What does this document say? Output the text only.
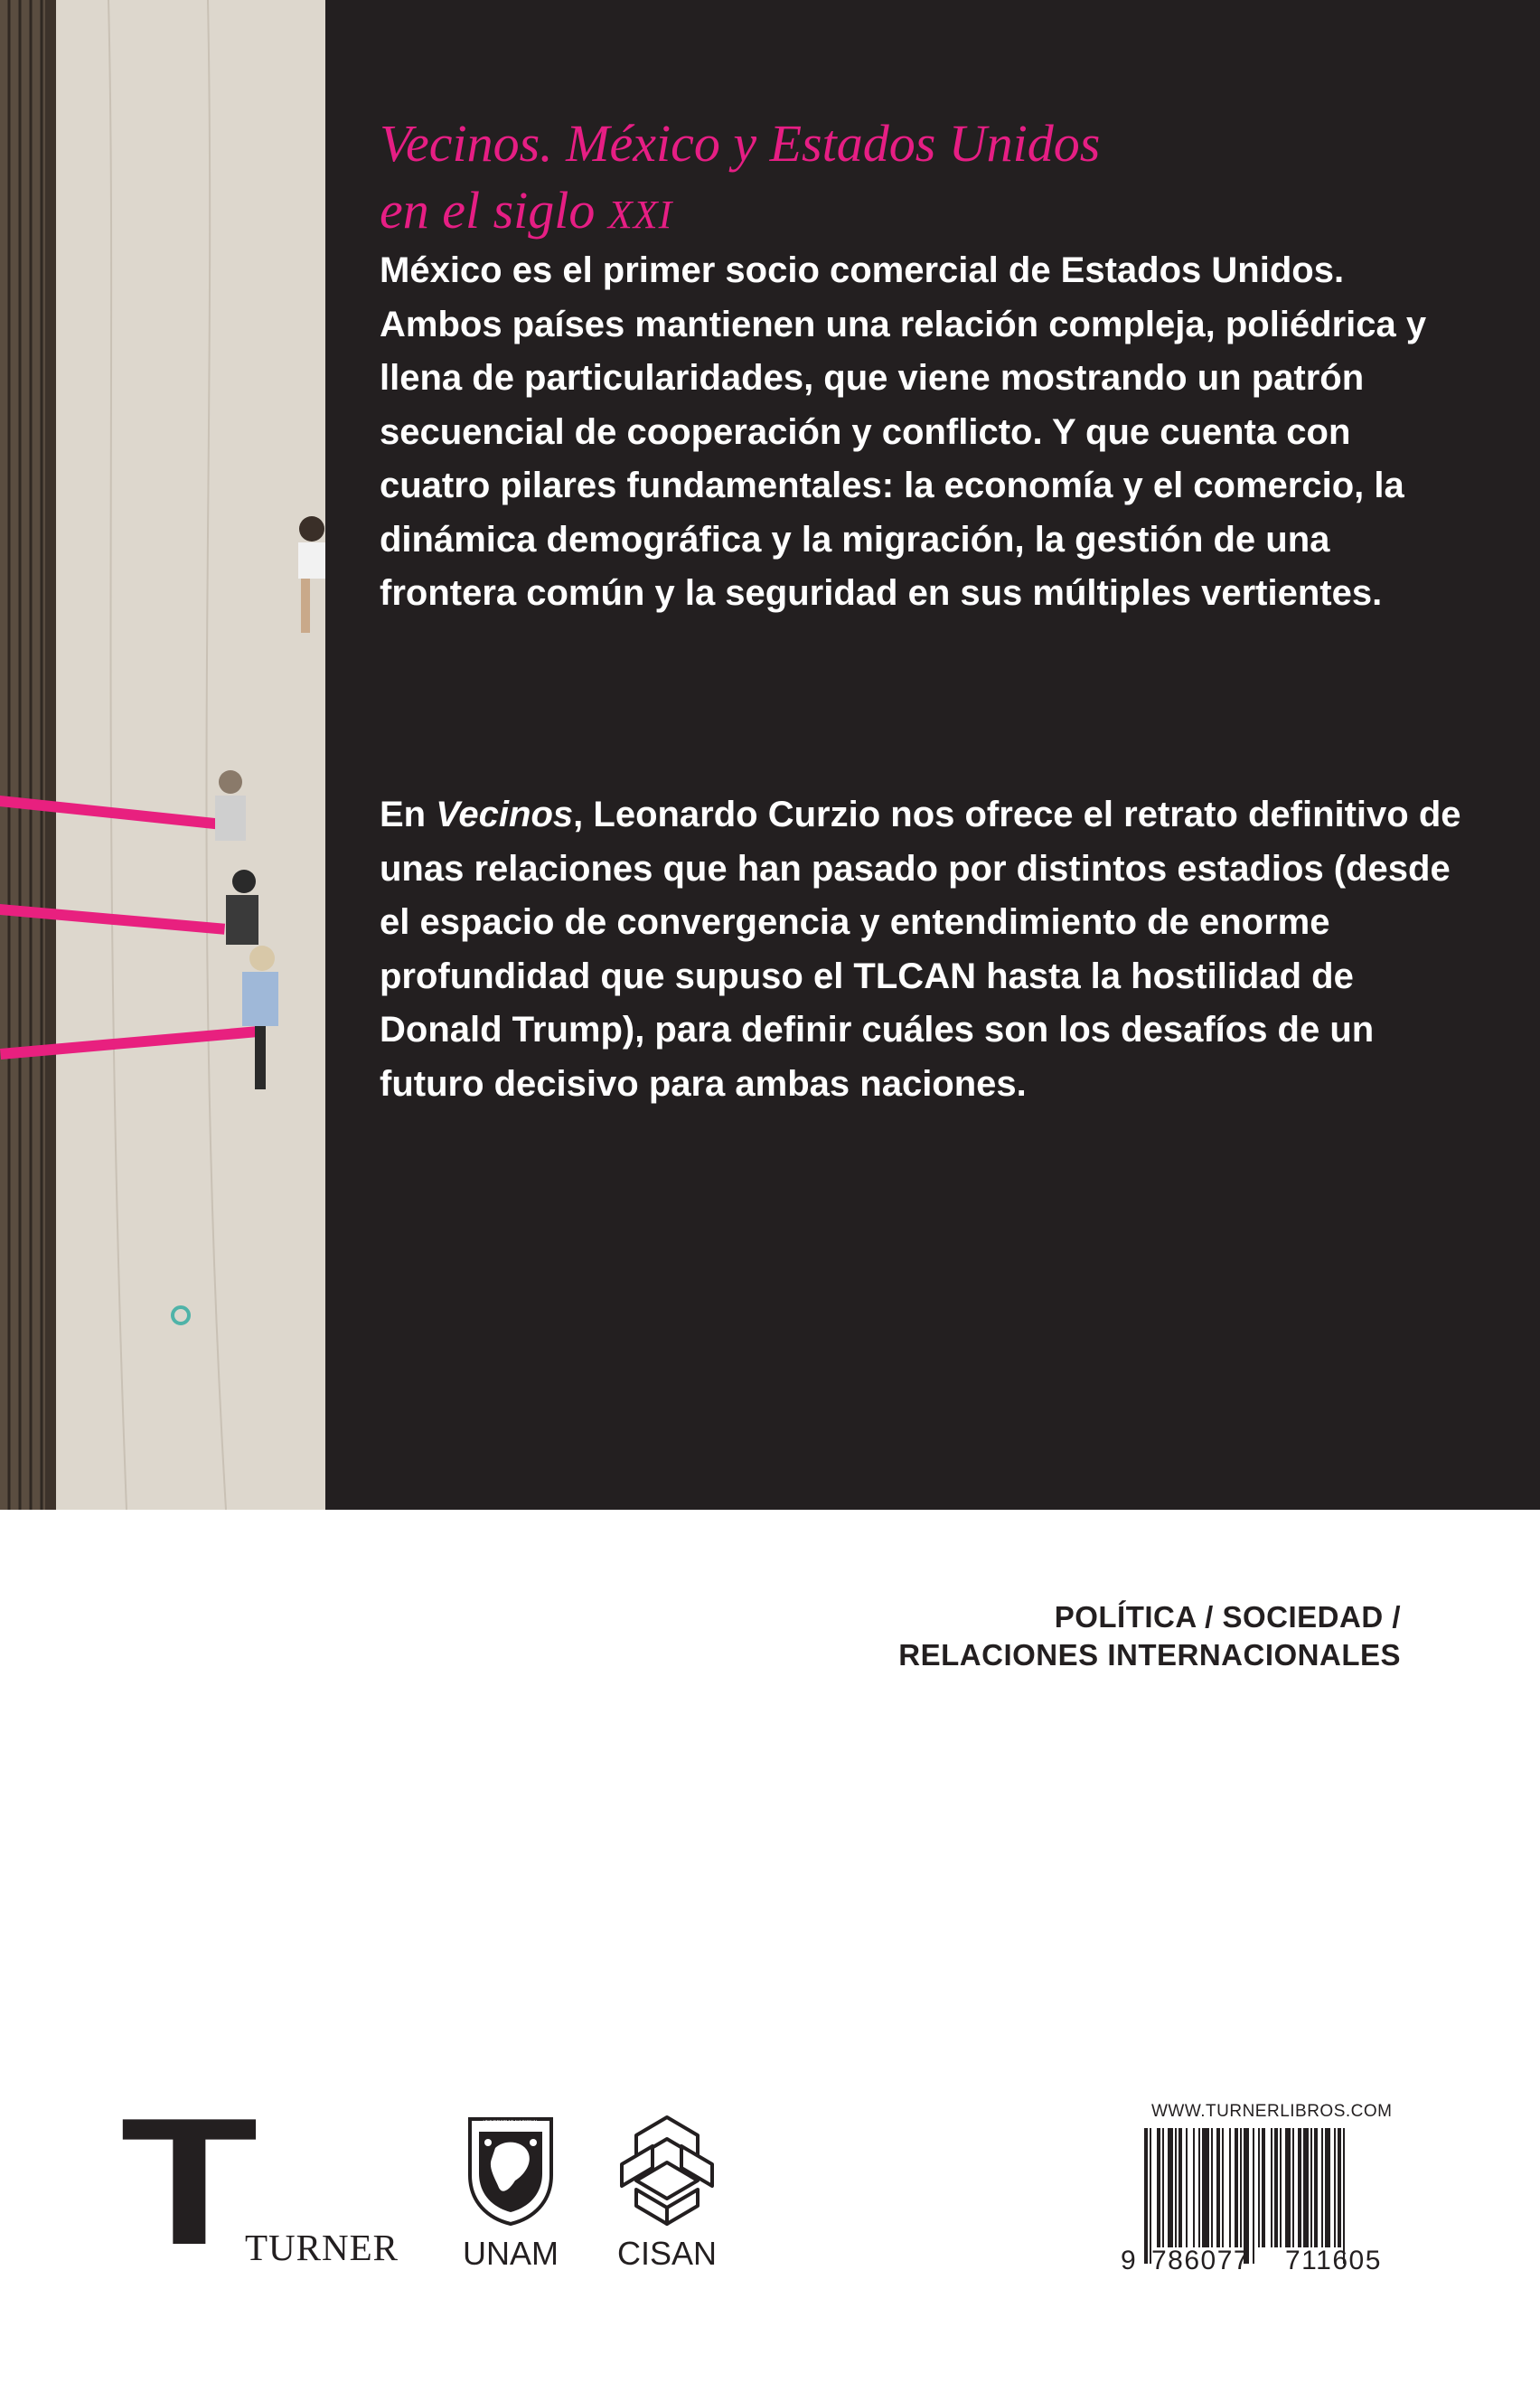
Vecinos. México y Estados Unidos
en el siglo XXI

México es el primer socio comercial de Estados Unidos. Ambos países mantienen una relación compleja, poliédrica y llena de particularidades, que viene mostrando un patrón secuencial de cooperación y conflicto. Y que cuenta con cuatro pilares fundamentales: la economía y el comercio, la dinámica demográfica y la migración, la gestión de una frontera común y la seguridad en sus múltiples vertientes.

En Vecinos, Leonardo Curzio nos ofrece el retrato definitivo de unas relaciones que han pasado por distintos estadios (desde el espacio de convergencia y entendimiento de enorme profundidad que supuso el TLCAN hasta la hostilidad de Donald Trump), para definir cuáles son los desafíos de un futuro decisivo para ambas naciones.

POLÍTICA / SOCIEDAD /
RELACIONES INTERNACIONALES
T
TURNER
UNIVERSIDAD NACIONAL AUTÓNOMA DE MÉXICO
UNAM	CISAN
WWW.TURNERLIBROS.COM
9 786077 711605
